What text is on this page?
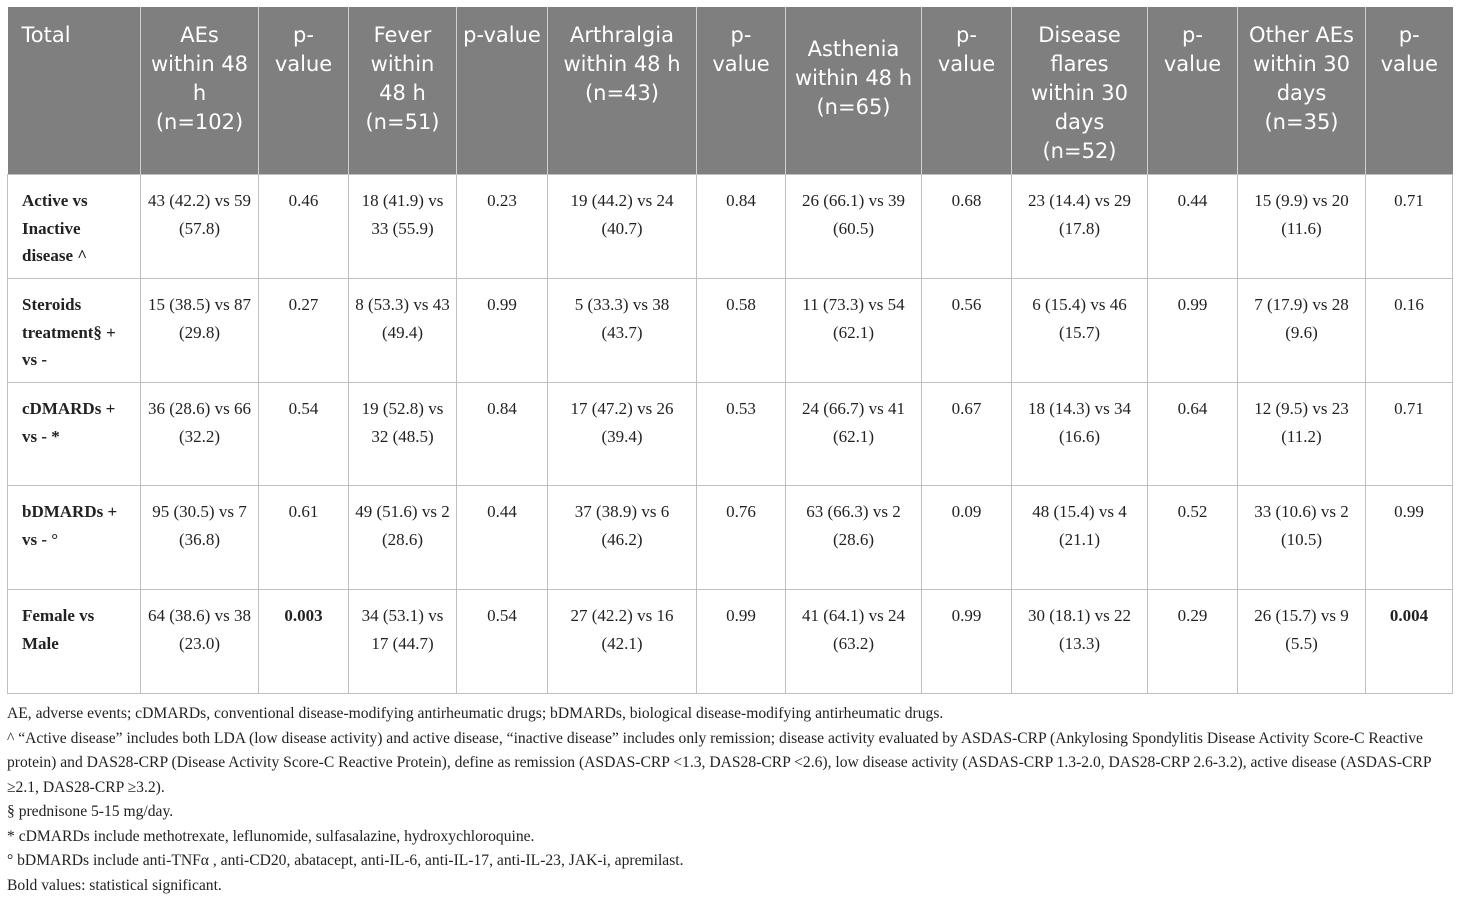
Total	AEs within 48 h (n=102)	p-value	Fever within 48 h (n=51)	p-value	Arthralgia within 48 h (n=43)	p-value	Asthenia within 48 h (n=65)	p-value	Disease flares within 30 days (n=52)	p-value	Other AEs within 30 days (n=35)	p-value
Active vs Inactive disease ^	43 (42.2) vs 59 (57.8)	0.46	18 (41.9) vs 33 (55.9)	0.23	19 (44.2) vs 24 (40.7)	0.84	26 (66.1) vs 39 (60.5)	0.68	23 (14.4) vs 29 (17.8)	0.44	15 (9.9) vs 20 (11.6)	0.71
Steroids treatment§ + vs -	15 (38.5) vs 87 (29.8)	0.27	8 (53.3) vs 43 (49.4)	0.99	5 (33.3) vs 38 (43.7)	0.58	11 (73.3) vs 54 (62.1)	0.56	6 (15.4) vs 46 (15.7)	0.99	7 (17.9) vs 28 (9.6)	0.16
cDMARDs + vs - *	36 (28.6) vs 66 (32.2)	0.54	19 (52.8) vs 32 (48.5)	0.84	17 (47.2) vs 26 (39.4)	0.53	24 (66.7) vs 41 (62.1)	0.67	18 (14.3) vs 34 (16.6)	0.64	12 (9.5) vs 23 (11.2)	0.71
bDMARDs + vs - °	95 (30.5) vs 7 (36.8)	0.61	49 (51.6) vs 2 (28.6)	0.44	37 (38.9) vs 6 (46.2)	0.76	63 (66.3) vs 2 (28.6)	0.09	48 (15.4) vs 4 (21.1)	0.52	33 (10.6) vs 2 (10.5)	0.99
Female vs Male	64 (38.6) vs 38 (23.0)	0.003	34 (53.1) vs 17 (44.7)	0.54	27 (42.2) vs 16 (42.1)	0.99	41 (64.1) vs 24 (63.2)	0.99	30 (18.1) vs 22 (13.3)	0.29	26 (15.7) vs 9 (5.5)	0.004

AE, adverse events; cDMARDs, conventional disease-modifying antirheumatic drugs; bDMARDs, biological disease-modifying antirheumatic drugs.

^ “Active disease” includes both LDA (low disease activity) and active disease, “inactive disease” includes only remission; disease activity evaluated by ASDAS-CRP (Ankylosing Spondylitis Disease Activity Score-C Reactive protein) and DAS28-CRP (Disease Activity Score-C Reactive Protein), define as remission (ASDAS-CRP <1.3, DAS28-CRP <2.6), low disease activity (ASDAS-CRP 1.3-2.0, DAS28-CRP 2.6-3.2), active disease (ASDAS-CRP ≥2.1, DAS28-CRP ≥3.2).

§ prednisone 5-15 mg/day.

* cDMARDs include methotrexate, leflunomide, sulfasalazine, hydroxychloroquine.

° bDMARDs include anti-TNFα , anti-CD20, abatacept, anti-IL-6, anti-IL-17, anti-IL-23, JAK-i, apremilast.

Bold values: statistical significant.
